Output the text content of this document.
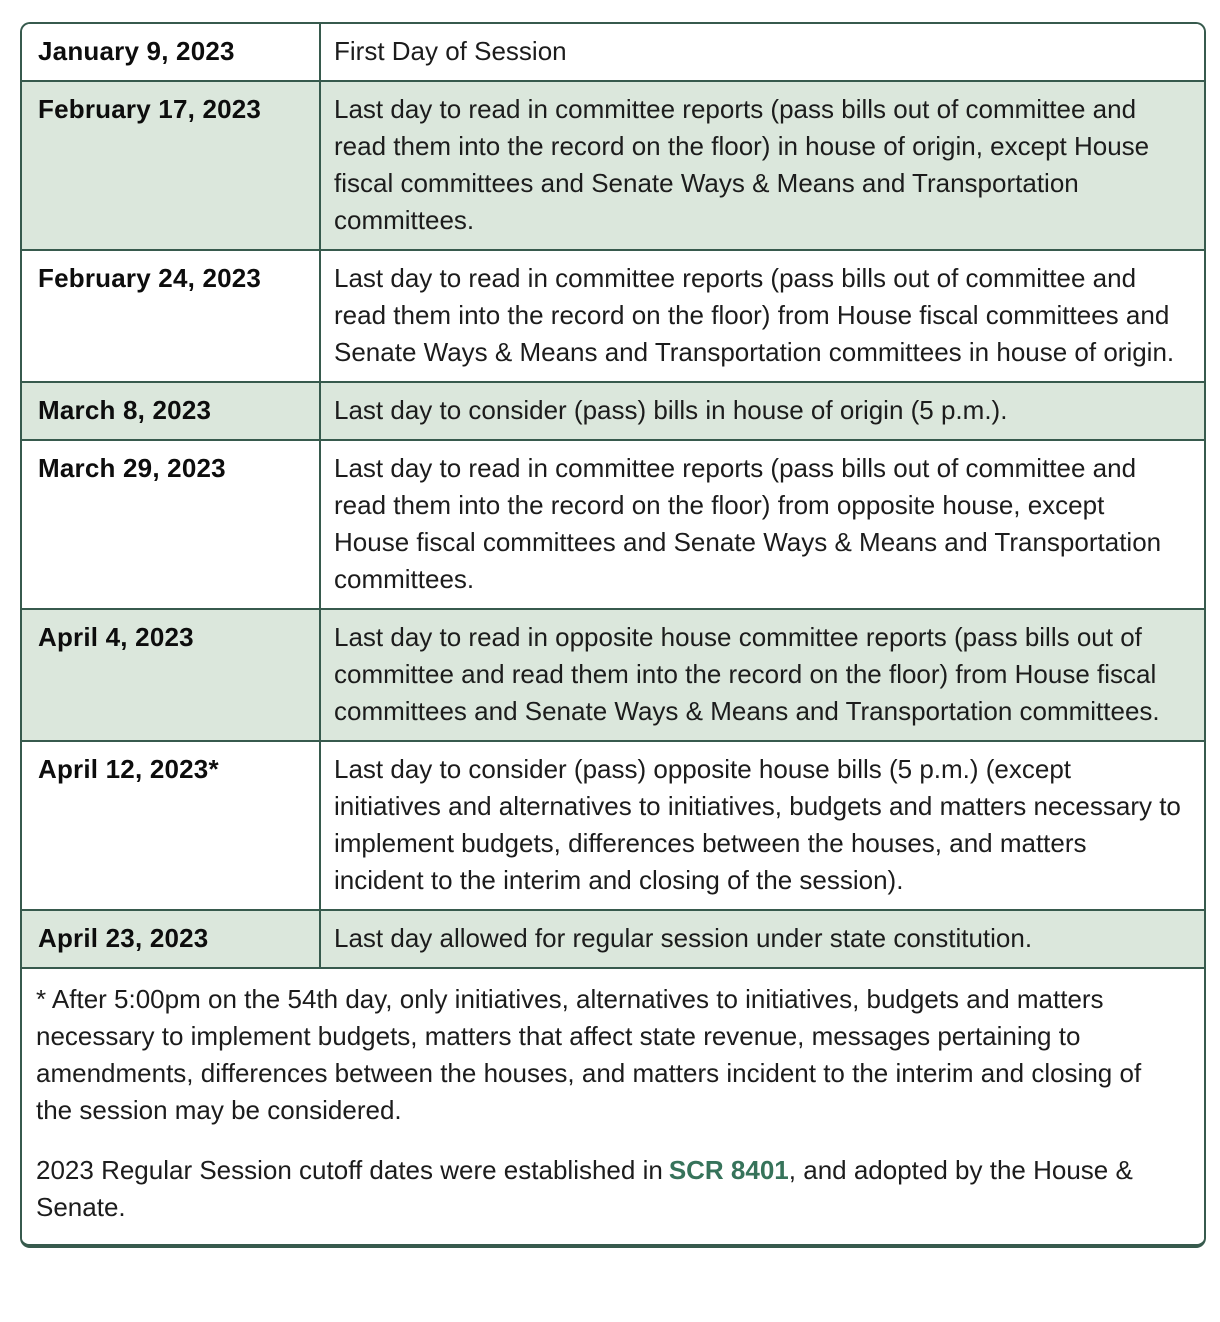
January 9, 2023	First Day of Session
February 17, 2023	Last day to read in committee reports (pass bills out of committee and read them into the record on the floor) in house of origin, except House fiscal committees and Senate Ways & Means and Transportation committees.
February 24, 2023	Last day to read in committee reports (pass bills out of committee and read them into the record on the floor) from House fiscal committees and Senate Ways & Means and Transportation committees in house of origin.
March 8, 2023	Last day to consider (pass) bills in house of origin (5 p.m.).
March 29, 2023	Last day to read in committee reports (pass bills out of committee and read them into the record on the floor) from opposite house, except House fiscal committees and Senate Ways & Means and Transportation committees.
April 4, 2023	Last day to read in opposite house committee reports (pass bills out of committee and read them into the record on the floor) from House fiscal committees and Senate Ways & Means and Transportation committees.
April 12, 2023*	Last day to consider (pass) opposite house bills (5 p.m.) (except initiatives and alternatives to initiatives, budgets and matters necessary to implement budgets, differences between the houses, and matters incident to the interim and closing of the session).
April 23, 2023	Last day allowed for regular session under state constitution.
* After 5:00pm on the 54th day, only initiatives, alternatives to initiatives, budgets and matters necessary to implement budgets, matters that affect state revenue, messages pertaining to amendments, differences between the houses, and matters incident to the interim and closing of the session may be considered.
2023 Regular Session cutoff dates were established in SCR 8401, and adopted by the House & Senate.
